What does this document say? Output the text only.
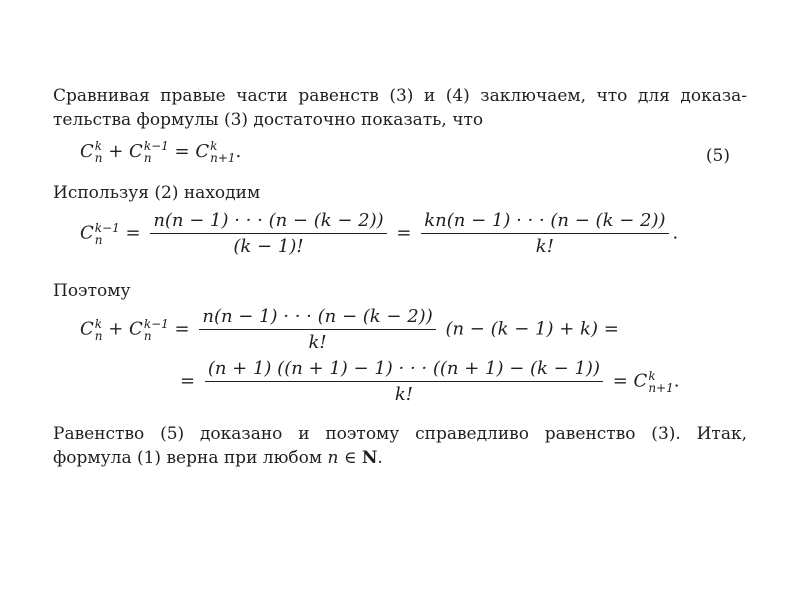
Сравнивая правые части равенств (3) и (4) заключаем, что для доказа-
тельства формулы (3) достаточно показать, что
C k
n + C k−1
n = C k
n+1 .	(5)
Используя (2) находим
C k−1
n	= $\frac{n(n - 1) \cdot \cdot \cdot (n - (k - 2))}{(k - 1)!} = \frac{kn(n - 1) \cdot \cdot \cdot (n - (k - 2))}{k!}$ .
Поэтому
C k
n + C k−1
n	= $\frac{n(n - 1) \cdot \cdot \cdot (n - (k - 2))}{k!} (n - (k - 1) + k)$ =
= $\frac{(n + 1) ((n + 1) - 1) \cdot \cdot \cdot ((n + 1) - (k - 1))}{k!} = C$ k
n+1 .
Равенство (5) доказано и поэтому справедливо равенство (3). Итак,
формула (1) верна при любом n ∈ N.
